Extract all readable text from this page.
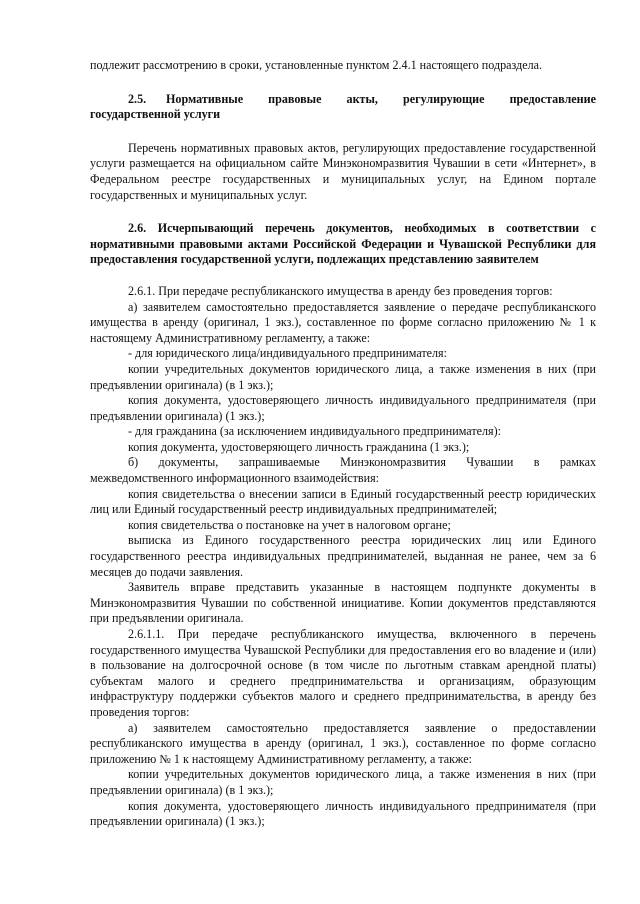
подлежит рассмотрению в сроки, установленные пунктом 2.4.1 настоящего подраздела.

2.5.	Нормативные правовые акты, регулирующие предоставление

государственной услуги

Перечень нормативных правовых актов, регулирующих предоставление государственной услуги размещается на официальном сайте Минэкономразвития Чувашии в сети «Интернет», в Федеральном реестре государственных и муниципальных услуг, на Едином портале государственных и муниципальных услуг.

2.6. Исчерпывающий перечень документов, необходимых в соответствии с нормативными правовыми актами Российской Федерации и Чувашской Республики для предоставления государственной услуги, подлежащих представлению заявителем

2.6.1. При передаче республиканского имущества в аренду без проведения торгов:

а) заявителем самостоятельно предоставляется заявление о передаче республиканского имущества в аренду (оригинал, 1 экз.), составленное по форме согласно приложению № 1 к настоящему Административному регламенту, а также:

- для юридического лица/индивидуального предпринимателя:

копии учредительных документов юридического лица, а также изменения в них (при предъявлении оригинала) (в 1 экз.);

копия документа, удостоверяющего личность индивидуального предпринимателя (при предъявлении оригинала) (1 экз.);

- для гражданина (за исключением индивидуального предпринимателя):

копия документа, удостоверяющего личность гражданина (1 экз.);

б) документы, запрашиваемые Минэкономразвития Чувашии в рамках межведомственного информационного взаимодействия:

копия свидетельства о внесении записи в Единый государственный реестр юридических лиц или Единый государственный реестр индивидуальных предпринимателей;

копия свидетельства о постановке на учет в налоговом органе;

выписка из Единого государственного реестра юридических лиц или Единого государственного реестра индивидуальных предпринимателей, выданная не ранее, чем за 6 месяцев до подачи заявления.

Заявитель вправе представить указанные в настоящем подпункте документы в Минэкономразвития Чувашии по собственной инициативе. Копии документов представляются при предъявлении оригинала.

2.6.1.1. При передаче республиканского имущества, включенного в перечень государственного имущества Чувашской Республики для предоставления его во владение и (или) в пользование на долгосрочной основе (в том числе по льготным ставкам арендной платы) субъектам малого и среднего предпринимательства и организациям, образующим инфраструктуру поддержки субъектов малого и среднего предпринимательства, в аренду без проведения торгов:

а) заявителем самостоятельно предоставляется заявление о предоставлении республиканского имущества в аренду (оригинал, 1 экз.), составленное по форме согласно приложению № 1 к настоящему Административному регламенту, а также:

копии учредительных документов юридического лица, а также изменения в них (при предъявлении оригинала) (в 1 экз.);

копия документа, удостоверяющего личность индивидуального предпринимателя (при предъявлении оригинала) (1 экз.);
